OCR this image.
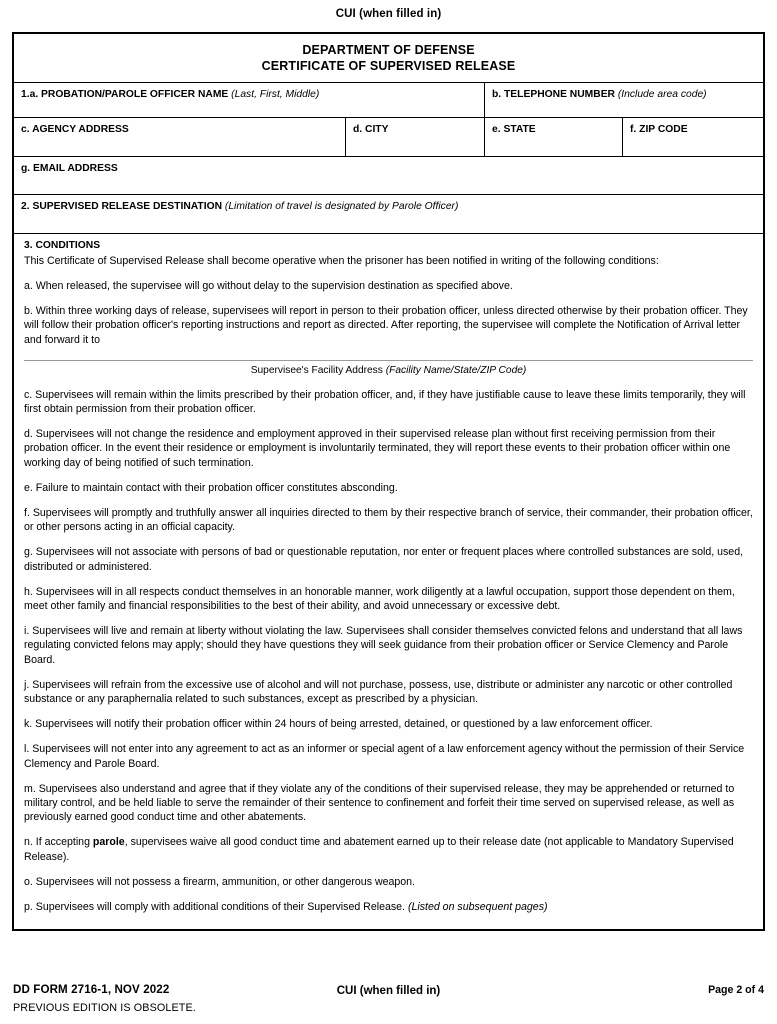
CUI (when filled in)
DEPARTMENT OF DEFENSE
CERTIFICATE OF SUPERVISED RELEASE
1.a. PROBATION/PAROLE OFFICER NAME (Last, First, Middle)	b. TELEPHONE NUMBER (Include area code)
c. AGENCY ADDRESS	d. CITY	e. STATE	f. ZIP CODE
g. EMAIL ADDRESS
2. SUPERVISED RELEASE DESTINATION (Limitation of travel is designated by Parole Officer)
3. CONDITIONS
This Certificate of Supervised Release shall become operative when the prisoner has been notified in writing of the following conditions:

a. When released, the supervisee will go without delay to the supervision destination as specified above.

b. Within three working days of release, supervisees will report in person to their probation officer, unless directed otherwise by their probation officer. They will follow their probation officer's reporting instructions and report as directed. After reporting, the supervisee will complete the Notification of Arrival letter and forward it to

Supervisee's Facility Address (Facility Name/State/ZIP Code)

c. Supervisees will remain within the limits prescribed by their probation officer, and, if they have justifiable cause to leave these limits temporarily, they will first obtain permission from their probation officer.

d. Supervisees will not change the residence and employment approved in their supervised release plan without first receiving permission from their probation officer. In the event their residence or employment is involuntarily terminated, they will report these events to their probation officer within one working day of being notified of such termination.

e. Failure to maintain contact with their probation officer constitutes absconding.

f. Supervisees will promptly and truthfully answer all inquiries directed to them by their respective branch of service, their commander, their probation officer, or other persons acting in an official capacity.

g. Supervisees will not associate with persons of bad or questionable reputation, nor enter or frequent places where controlled substances are sold, used, distributed or administered.

h. Supervisees will in all respects conduct themselves in an honorable manner, work diligently at a lawful occupation, support those dependent on them, meet other family and financial responsibilities to the best of their ability, and avoid unnecessary or excessive debt.

i. Supervisees will live and remain at liberty without violating the law. Supervisees shall consider themselves convicted felons and understand that all laws regulating convicted felons may apply; should they have questions they will seek guidance from their probation officer or Service Clemency and Parole Board.

j. Supervisees will refrain from the excessive use of alcohol and will not purchase, possess, use, distribute or administer any narcotic or other controlled substance or any paraphernalia related to such substances, except as prescribed by a physician.

k. Supervisees will notify their probation officer within 24 hours of being arrested, detained, or questioned by a law enforcement officer.

l. Supervisees will not enter into any agreement to act as an informer or special agent of a law enforcement agency without the permission of their Service Clemency and Parole Board.

m. Supervisees also understand and agree that if they violate any of the conditions of their supervised release, they may be apprehended or returned to military control, and be held liable to serve the remainder of their sentence to confinement and forfeit their time served on supervised release, as well as previously earned good conduct time and other abatements.

n. If accepting parole, supervisees waive all good conduct time and abatement earned up to their release date (not applicable to Mandatory Supervised Release).

o. Supervisees will not possess a firearm, ammunition, or other dangerous weapon.

p. Supervisees will comply with additional conditions of their Supervised Release. (Listed on subsequent pages)

DD FORM 2716-1, NOV 2022	CUI (when filled in)	Page 2 of 4
PREVIOUS EDITION IS OBSOLETE.
